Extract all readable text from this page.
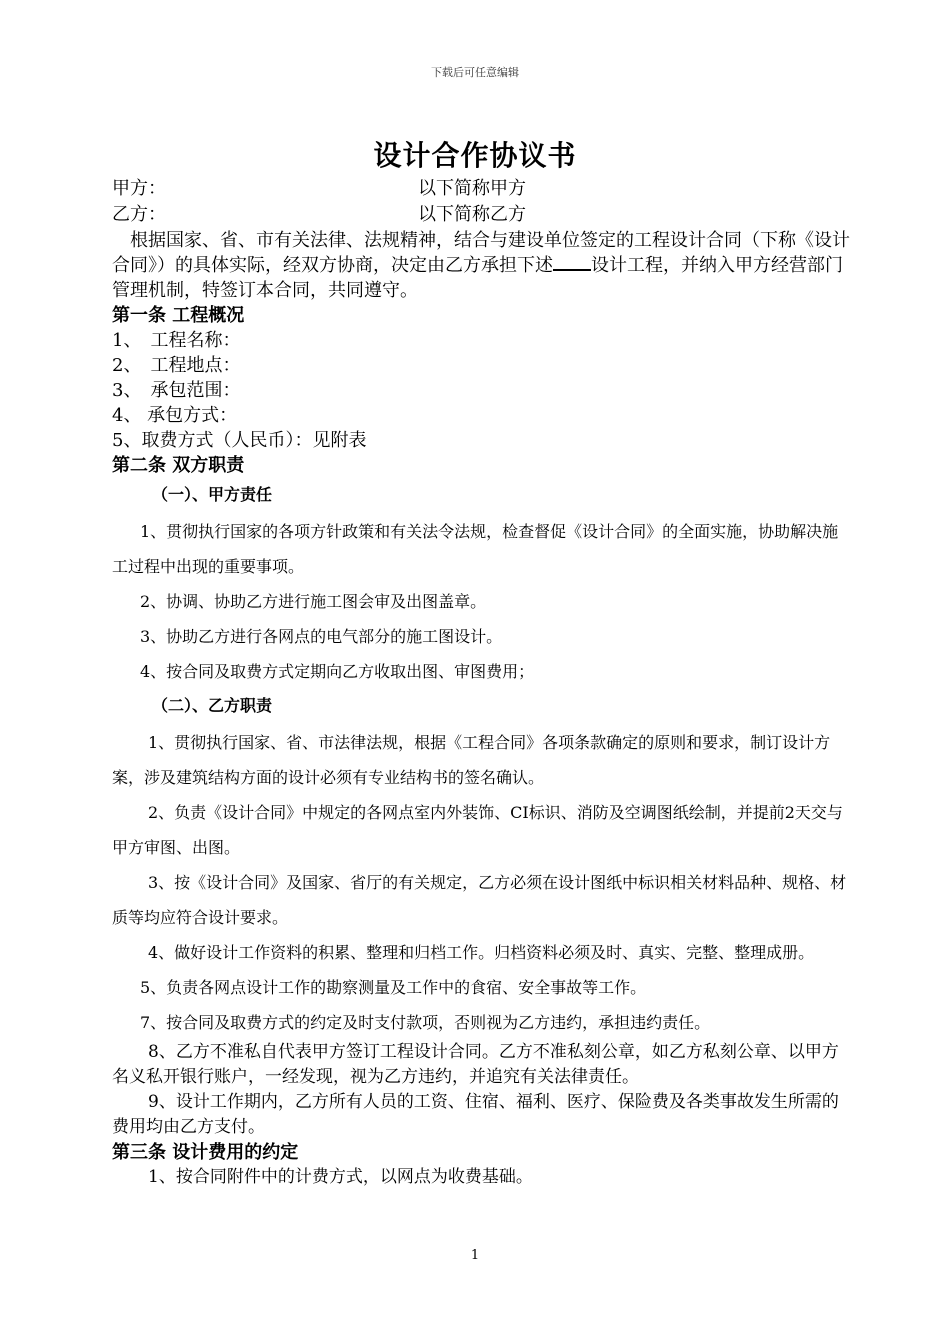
下载后可任意编辑
设计合作协议书
甲方：	以下简称甲方
乙方：	以下简称乙方
根据国家、省、市有关法律、法规精神，结合与建设单位签定的工程设计合同（下称《设计合同》）的具体实际，经双方协商，决定由乙方承担下述 设计工程，并纳入甲方经营部门管理机制，特签订本合同，共同遵守。
第一条 工程概况
1、　工程名称：
2、　工程地点：
3、　承包范围：
4、 承包方式：
5、取费方式（人民币）：见附表
第二条 双方职责
（一）、甲方责任
1、贯彻执行国家的各项方针政策和有关法令法规，检查督促《设计合同》的全面实施，协助解决施工过程中出现的重要事项。
2、协调、协助乙方进行施工图会审及出图盖章。
3、协助乙方进行各网点的电气部分的施工图设计。
4、按合同及取费方式定期向乙方收取出图、审图费用；
（二）、乙方职责
1、贯彻执行国家、省、市法律法规，根据《工程合同》各项条款确定的原则和要求，制订设计方案，涉及建筑结构方面的设计必须有专业结构书的签名确认。
2、负责《设计合同》中规定的各网点室内外装饰、CI标识、消防及空调图纸绘制，并提前2天交与甲方审图、出图。
3、按《设计合同》及国家、省厅的有关规定，乙方必须在设计图纸中标识相关材料品种、规格、材质等均应符合设计要求。
4、做好设计工作资料的积累、整理和归档工作。归档资料必须及时、真实、完整、整理成册。
5、负责各网点设计工作的勘察测量及工作中的食宿、安全事故等工作。
7、按合同及取费方式的约定及时支付款项，否则视为乙方违约，承担违约责任。
8、乙方不准私自代表甲方签订工程设计合同。乙方不准私刻公章，如乙方私刻公章、以甲方名义私开银行账户，一经发现，视为乙方违约，并追究有关法律责任。
9、设计工作期内，乙方所有人员的工资、住宿、福利、医疗、保险费及各类事故发生所需的费用均由乙方支付。
第三条 设计费用的约定
1、按合同附件中的计费方式，以网点为收费基础。
1
